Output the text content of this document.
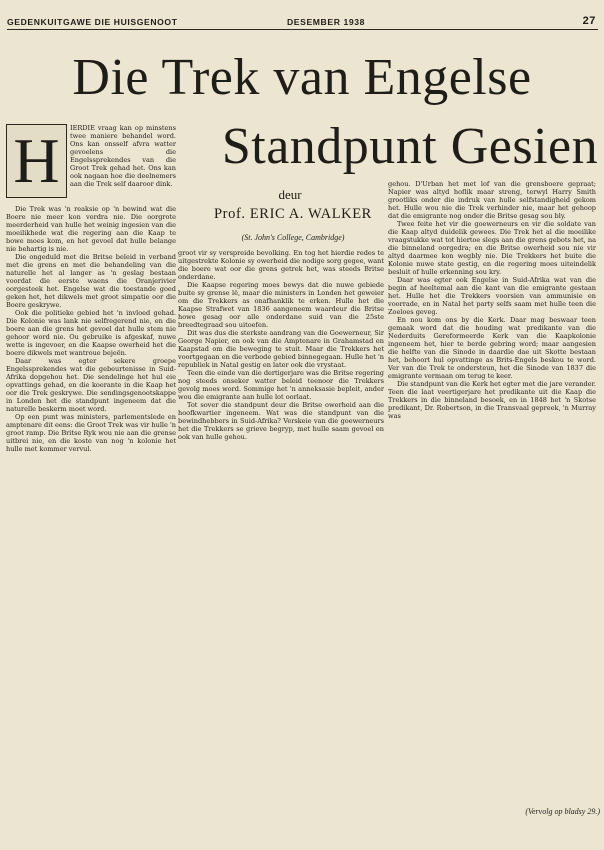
GEDENKUITGAWE DIE HUISGENOOT	DESEMBER 1938	27
Die Trek van Engelse
Standpunt Gesien
deur
Prof. ERIC A. WALKER
(St. John's College, Cambridge)
H	IERDIE vraag kan op minstens twee maniere behandel word. Ons kan onsself afvra watter gevoelens die Engelssprekendes van die Groot Trek gehad het. Ons kan ook nagaan hoe die deelnemers aan die Trek self daaroor dink.

Die Trek was 'n reaksie op 'n bewind wat die Boere nie meer kon verdra nie. Die oorgrote meerderheid van hulle het weinig ingesien van die moeilikhede wat die regering aan die Kaap te bowe moes kom, en het gevoel dat hulle belange nie behartig is nie.

Die ongeduld met die Britse beleid in verband met die grens en met die behandeling van die naturelle het al langer as 'n geslag bestaan voordat die eerste waens die Oranjerivier oorgesteek het. Engelse wat die toestande goed geken het, het dikwels met groot simpatie oor die Boere geskrywe.

Ook die politieke gebied het 'n invloed gehad. Die Kolonie was lank nie selfregerend nie, en die boere aan die grens het gevoel dat hulle stem nie gehoor word nie. Ou gebruike is afgeskaf, nuwe wette is ingevoer, en die Kaapse owerheid het die boere dikwels met wantroue bejeën.

Daar was egter sekere groepe Engelssprekendes wat die gebeurtenisse in Suid-Afrika dopgehou het. Die sendelinge het hul eie opvattings gehad, en die koerante in die Kaap het oor die Trek geskrywe. Die sendingsgenootskappe in Londen het die standpunt ingeneem dat die naturelle beskerm moet word.

Op een punt was ministers, parlementslede en amptenare dit eens: die Groot Trek was vir hulle 'n groot ramp. Die Britse Ryk wou nie aan die grense uitbrei nie, en die koste van nog 'n kolonie het hulle met kommer vervul.

groot vir sy verspreide bevolking. En tog het hierdie redes te uitgestrekte Kolonie sy owerheid die nodige sorg gegee, want die boere wat oor die grens getrek het, was steeds Britse onderdane.

Die Kaapse regering moes bewys dat die nuwe gebiede buite sy grense lê, maar die ministers in Londen het geweier om die Trekkers as onafhanklik te erken. Hulle het die Kaapse Strafwet van 1836 aangeneem waardeur die Britse howe gesag oor alle onderdane suid van die 25ste breedtegraad sou uitoefen.

Dit was dus die sterkste aandrang van die Goewerneur, Sir George Napier, en ook van die Amptenare in Grahamstad en Kaapstad om die beweging te stuit. Maar die Trekkers het voortgegaan en die verbode gebied binnegegaan. Hulle het 'n republiek in Natal gestig en later ook die vrystaat.

Teen die einde van die dertigerjare was die Britse regering nog steeds onseker watter beleid teenoor die Trekkers gevolg moes word. Sommige het 'n anneksasie bepleit, ander wou die emigrante aan hulle lot oorlaat.

Tot sover die standpunt deur die Britse owerheid aan die hoofkwartier ingeneem. Wat was die standpunt van die bewindhebbers in Suid-Afrika? Verskeie van die goewerneurs het die Trekkers se grieve begryp, met hulle saam gevoel en ook van hulle gehou.

gehou. D'Urban het met lof van die grensboere gepraat; Napier was altyd hoflik maar streng, terwyl Harry Smith grootliks onder die indruk van hulle selfstandigheid gekom het. Hulle wou nie die Trek verhinder nie, maar het gehoop dat die emigrante nog onder die Britse gesag sou bly.

Twee feite het vir die goewerneurs en vir die soldate van die Kaap altyd duidelik gewees. Die Trek het al die moeilike vraagstukke wat tot hiertoe slegs aan die grens gebots het, na die binneland oorgedra; en die Britse owerheid sou nie vir altyd daarmee kon wegbly nie. Die Trekkers het buite die Kolonie nuwe state gestig, en die regering moes uiteindelik besluit of hulle erkenning sou kry.

Daar was egter ook Engelse in Suid-Afrika wat van die begin af heeltemal aan die kant van die emigrante gestaan het. Hulle het die Trekkers voorsien van ammunisie en voorrade, en in Natal het party selfs saam met hulle teen die Zoeloes geveg.

En nou kom ons by die Kerk. Daar mag beswaar teen gemaak word dat die houding wat predikante van die Nederduits Gereformeerde Kerk van die Kaapkolonie ingeneem het, hier te berde gebring word; maar aangesien die helfte van die Sinode in daardie dae uit Skotte bestaan het, behoort hul opvattinge as Brits-Engels beskou te word. Ver van die Trek te ondersteun, het die Sinode van 1837 die emigrante vermaan om terug te keer.

Die standpunt van die Kerk het egter met die jare verander. Teen die laat veertigerjare het predikante uit die Kaap die Trekkers in die binneland besoek, en in 1848 het 'n Skotse predikant, Dr. Robertson, in die Transvaal gepreek, 'n Murray was

(Vervolg op bladsy 29.)
